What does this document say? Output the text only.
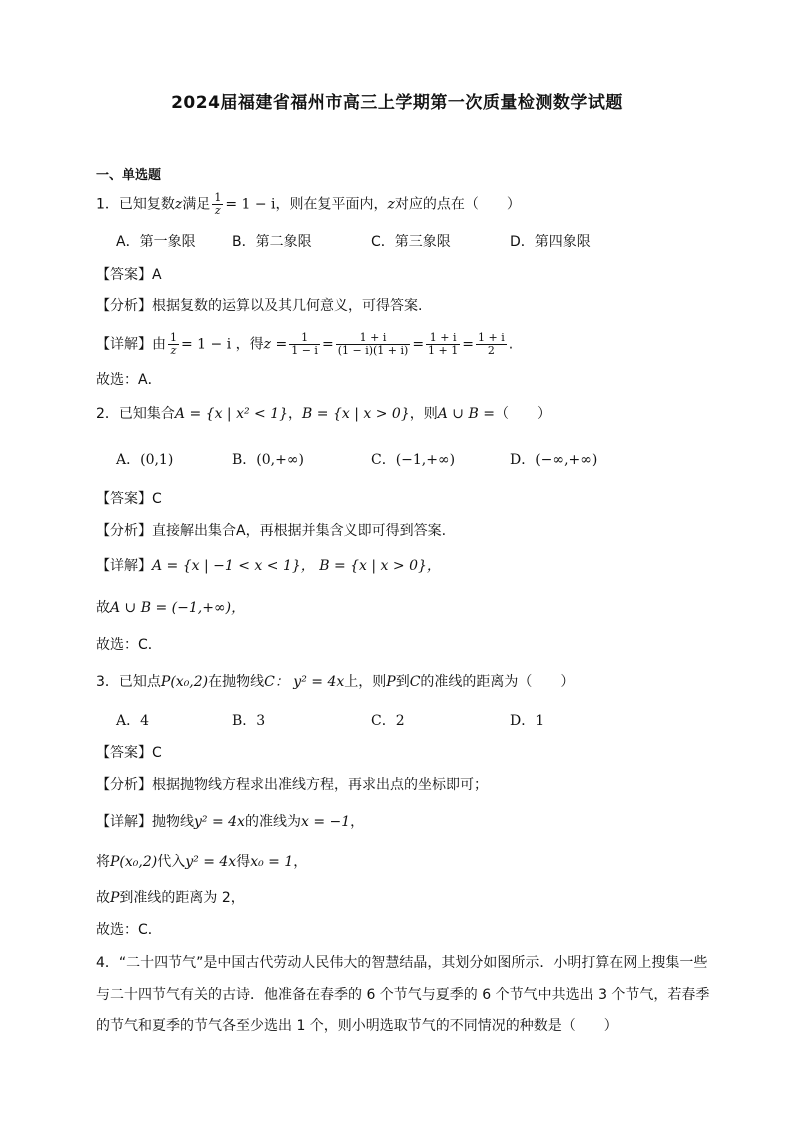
2024届福建省福州市高三上学期第一次质量检测数学试题
一、单选题
1．已知复数z满足 $\frac{1}{z} = 1 - i$，则在复平面内，z对应的点在（　　）
A．第一象限	B．第二象限	C．第三象限	D．第四象限
【答案】A
【分析】根据复数的运算以及其几何意义，可得答案.
【详解】由 $\frac{1}{z} = 1 - i$ ，得$z = \frac{1}{1 - i} = \frac{1 + i}{(1 - i)(1 + i)} = \frac{1 + i}{1 + 1} = \frac{1 + i}{2}$ .
故选：A．
2．已知集合A = {x | x² < 1}，B = {x | x > 0}，则A ∪ B =（　　）
A．(0,1)	B．(0,+∞)	C．(−1,+∞)	D．(−∞,+∞)
【答案】C
【分析】直接解出集合A，再根据并集含义即可得到答案.
【详解】A = {x | −1 < x < 1}， B = {x | x > 0}，
故A ∪ B = (−1,+∞)，
故选：C．
3．已知点P(x₀,2)在抛物线C： y² = 4x上，则P到C的准线的距离为（　　）
A．4	B．3	C．2	D．1
【答案】C
【分析】根据抛物线方程求出准线方程，再求出点的坐标即可；
【详解】抛物线y² = 4x的准线为x = −1，
将P(x₀,2)代入y² = 4x得x₀ = 1，
故P到准线的距离为 2，
故选：C．
4．“二十四节气”是中国古代劳动人民伟大的智慧结晶，其划分如图所示．小明打算在网上搜集一些
与二十四节气有关的古诗．他准备在春季的 6 个节气与夏季的 6 个节气中共选出 3 个节气，若春季
的节气和夏季的节气各至少选出 1 个，则小明选取节气的不同情况的种数是（　　）
